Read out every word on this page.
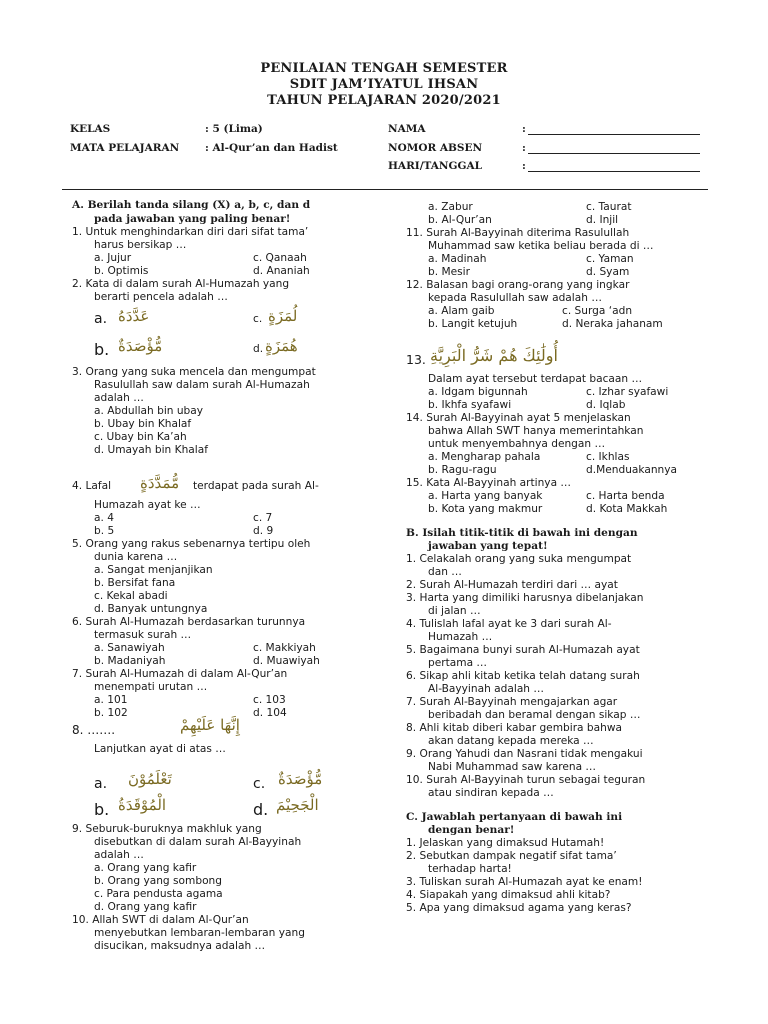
PENILAIAN TENGAH SEMESTER
SDIT JAM’IYATUL IHSAN
TAHUN PELAJARAN 2020/2021
KELAS	: 5 (Lima)
MATA PELAJARAN : Al-Qur’an dan Hadist
NAMA	:
NOMOR ABSEN	:
HARI/TANGGAL	:
A. Berilah tanda silang (X) a, b, c, dan d
pada jawaban yang paling benar!
1. Untuk menghindarkan diri dari sifat tama’
harus bersikap …
a. Jujur	c. Qanaah
b. Optimis	d. Ananiah
2. Kata di dalam surah Al-Humazah yang
berarti pencela adalah …
a. عَدَّدَهُ	c. لُمَزَةٍ
b. مُّؤْصَدَةٌ	d. هُمَزَةٍ
3. Orang yang suka mencela dan mengumpat
Rasulullah saw dalam surah Al-Humazah
adalah …
a. Abdullah bin ubay
b. Ubay bin Khalaf
c. Ubay bin Ka’ah
d. Umayah bin Khalaf
4. Lafal مُّمَدَّدَةٍ terdapat pada surah Al-
Humazah ayat ke …
a. 4	c. 7
b. 5	d. 9
5. Orang yang rakus sebenarnya tertipu oleh
dunia karena …
a. Sangat menjanjikan
b. Bersifat fana
c. Kekal abadi
d. Banyak untungnya
6. Surah Al-Humazah berdasarkan turunnya
termasuk surah …
a. Sanawiyah	c. Makkiyah
b. Madaniyah	d. Muawiyah
7. Surah Al-Humazah di dalam Al-Qur’an
menempati urutan …
a. 101	c. 103
b. 102	d. 104
8. …….	إِنَّهَا عَلَيْهِمْ
Lanjutkan ayat di atas …
a. تَعْلَمُوْنَ	c. مُّؤْصَدَةٌ
b. الْمُوْقَدَةُ	d. الْجَحِيْمَ
9. Seburuk-buruknya makhluk yang
disebutkan di dalam surah Al-Bayyinah
adalah …
a. Orang yang kafir
b. Orang yang sombong
c. Para pendusta agama
d. Orang yang kafir
10. Allah SWT di dalam Al-Qur’an
menyebutkan lembaran-lembaran yang
disucikan, maksudnya adalah …
a. Zabur	c. Taurat
b. Al-Qur’an	d. Injil
11. Surah Al-Bayyinah diterima Rasulullah
Muhammad saw ketika beliau berada di …
a. Madinah	c. Yaman
b. Mesir	d. Syam
12. Balasan bagi orang-orang yang ingkar
kepada Rasulullah saw adalah …
a. Alam gaib	c. Surga ‘adn
b. Langit ketujuh	d. Neraka jahanam
13. أُولَٰئِكَ هُمْ شَرُّ الْبَرِيَّةِ
Dalam ayat tersebut terdapat bacaan …
a. Idgam bigunnah	c. Izhar syafawi
b. Ikhfa syafawi	d. Iqlab
14. Surah Al-Bayyinah ayat 5 menjelaskan
bahwa Allah SWT hanya memerintahkan
untuk menyembahnya dengan …
a. Mengharap pahala	c. Ikhlas
b. Ragu-ragu	d.Menduakannya
15. Kata Al-Bayyinah artinya …
a. Harta yang banyak	c. Harta benda
b. Kota yang makmur	d. Kota Makkah
B. Isilah titik-titik di bawah ini dengan
jawaban yang tepat!
1. Celakalah orang yang suka mengumpat
dan …
2. Surah Al-Humazah terdiri dari … ayat
3. Harta yang dimiliki harusnya dibelanjakan
di jalan …
4. Tulislah lafal ayat ke 3 dari surah Al-
Humazah …
5. Bagaimana bunyi surah Al-Humazah ayat
pertama …
6. Sikap ahli kitab ketika telah datang surah
Al-Bayyinah adalah …
7. Surah Al-Bayyinah mengajarkan agar
beribadah dan beramal dengan sikap …
8. Ahli kitab diberi kabar gembira bahwa
akan datang kepada mereka …
9. Orang Yahudi dan Nasrani tidak mengakui
Nabi Muhammad saw karena …
10. Surah Al-Bayyinah turun sebagai teguran
atau sindiran kepada …
C. Jawablah pertanyaan di bawah ini
dengan benar!
1. Jelaskan yang dimaksud Hutamah!
2. Sebutkan dampak negatif sifat tama’
terhadap harta!
3. Tuliskan surah Al-Humazah ayat ke enam!
4. Siapakah yang dimaksud ahli kitab?
5. Apa yang dimaksud agama yang keras?
